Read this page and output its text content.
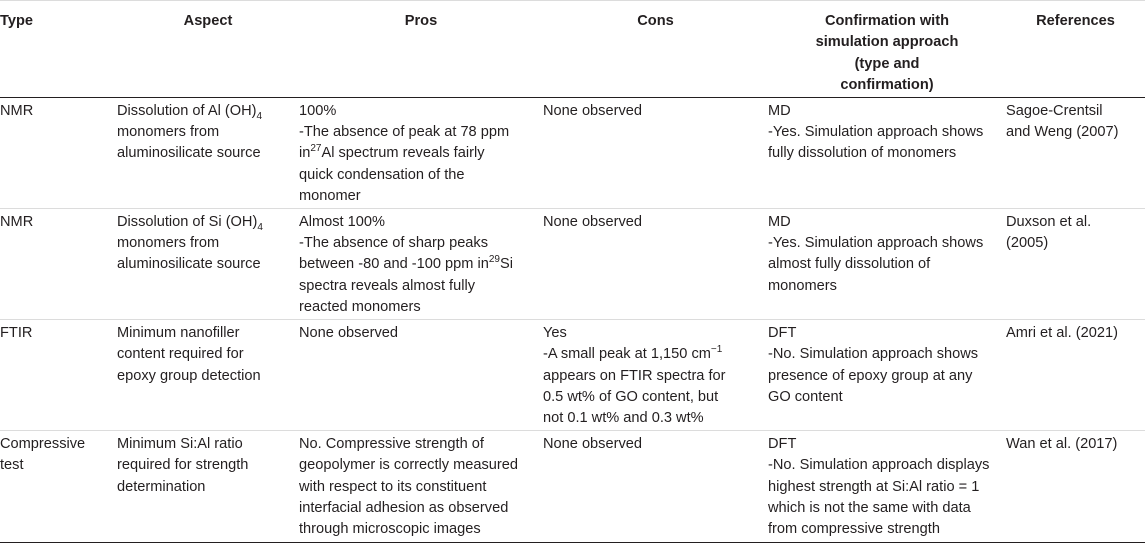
Type	Aspect	Pros	Cons	Confirmation with
simulation approach
(type and
confirmation)	References
NMR	Dissolution of Al $(OH)_4$
monomers from
aluminosilicate source	100%
-The absence of peak at 78 ppm
$in^{27}Al$ spectrum reveals fairly
quick condensation of the
monomer	None observed	MD
-Yes. Simulation approach shows
fully dissolution of monomers	Sagoe-Crentsil
and Weng (2007)

NMR	Dissolution of Si $(OH)_4$
monomers from
aluminosilicate source	Almost 100%
-The absence of sharp peaks
between -80 and -100 ppm $in^{29}Si$
spectra reveals almost fully
reacted monomers	None observed	MD
-Yes. Simulation approach shows
almost fully dissolution of
monomers	Duxson et al.
(2005)

FTIR	Minimum nanofiller
content required for
epoxy group detection	None observed	Yes
-A small peak at 1,150 $cm^{-1}$
appears on FTIR spectra for
0.5 wt% of GO content, but
not 0.1 wt% and 0.3 wt%	DFT
-No. Simulation approach shows
presence of epoxy group at any
GO content	Amri et al. (2021)

Compressive
test	Minimum Si:Al ratio
required for strength
determination	No. Compressive strength of
geopolymer is correctly measured
with respect to its constituent
interfacial adhesion as observed
through microscopic images	None observed	DFT
-No. Simulation approach displays
highest strength at Si:Al ratio = 1
which is not the same with data
from compressive strength	Wan et al. (2017)
